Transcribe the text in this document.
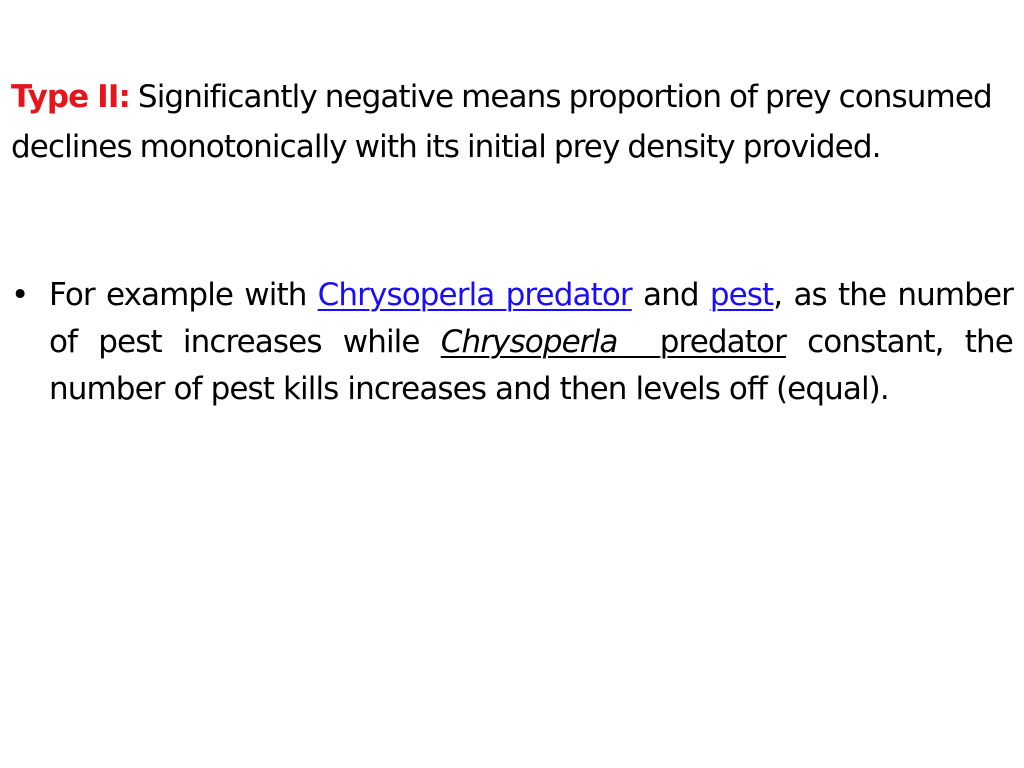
Type II: Significantly negative means proportion of prey consumed declines monotonically with its initial prey density provided.

• For example with Chrysoperla predator and pest, as the number of pest increases while Chrysoperla predator constant, the number of pest kills increases and then levels off (equal).
